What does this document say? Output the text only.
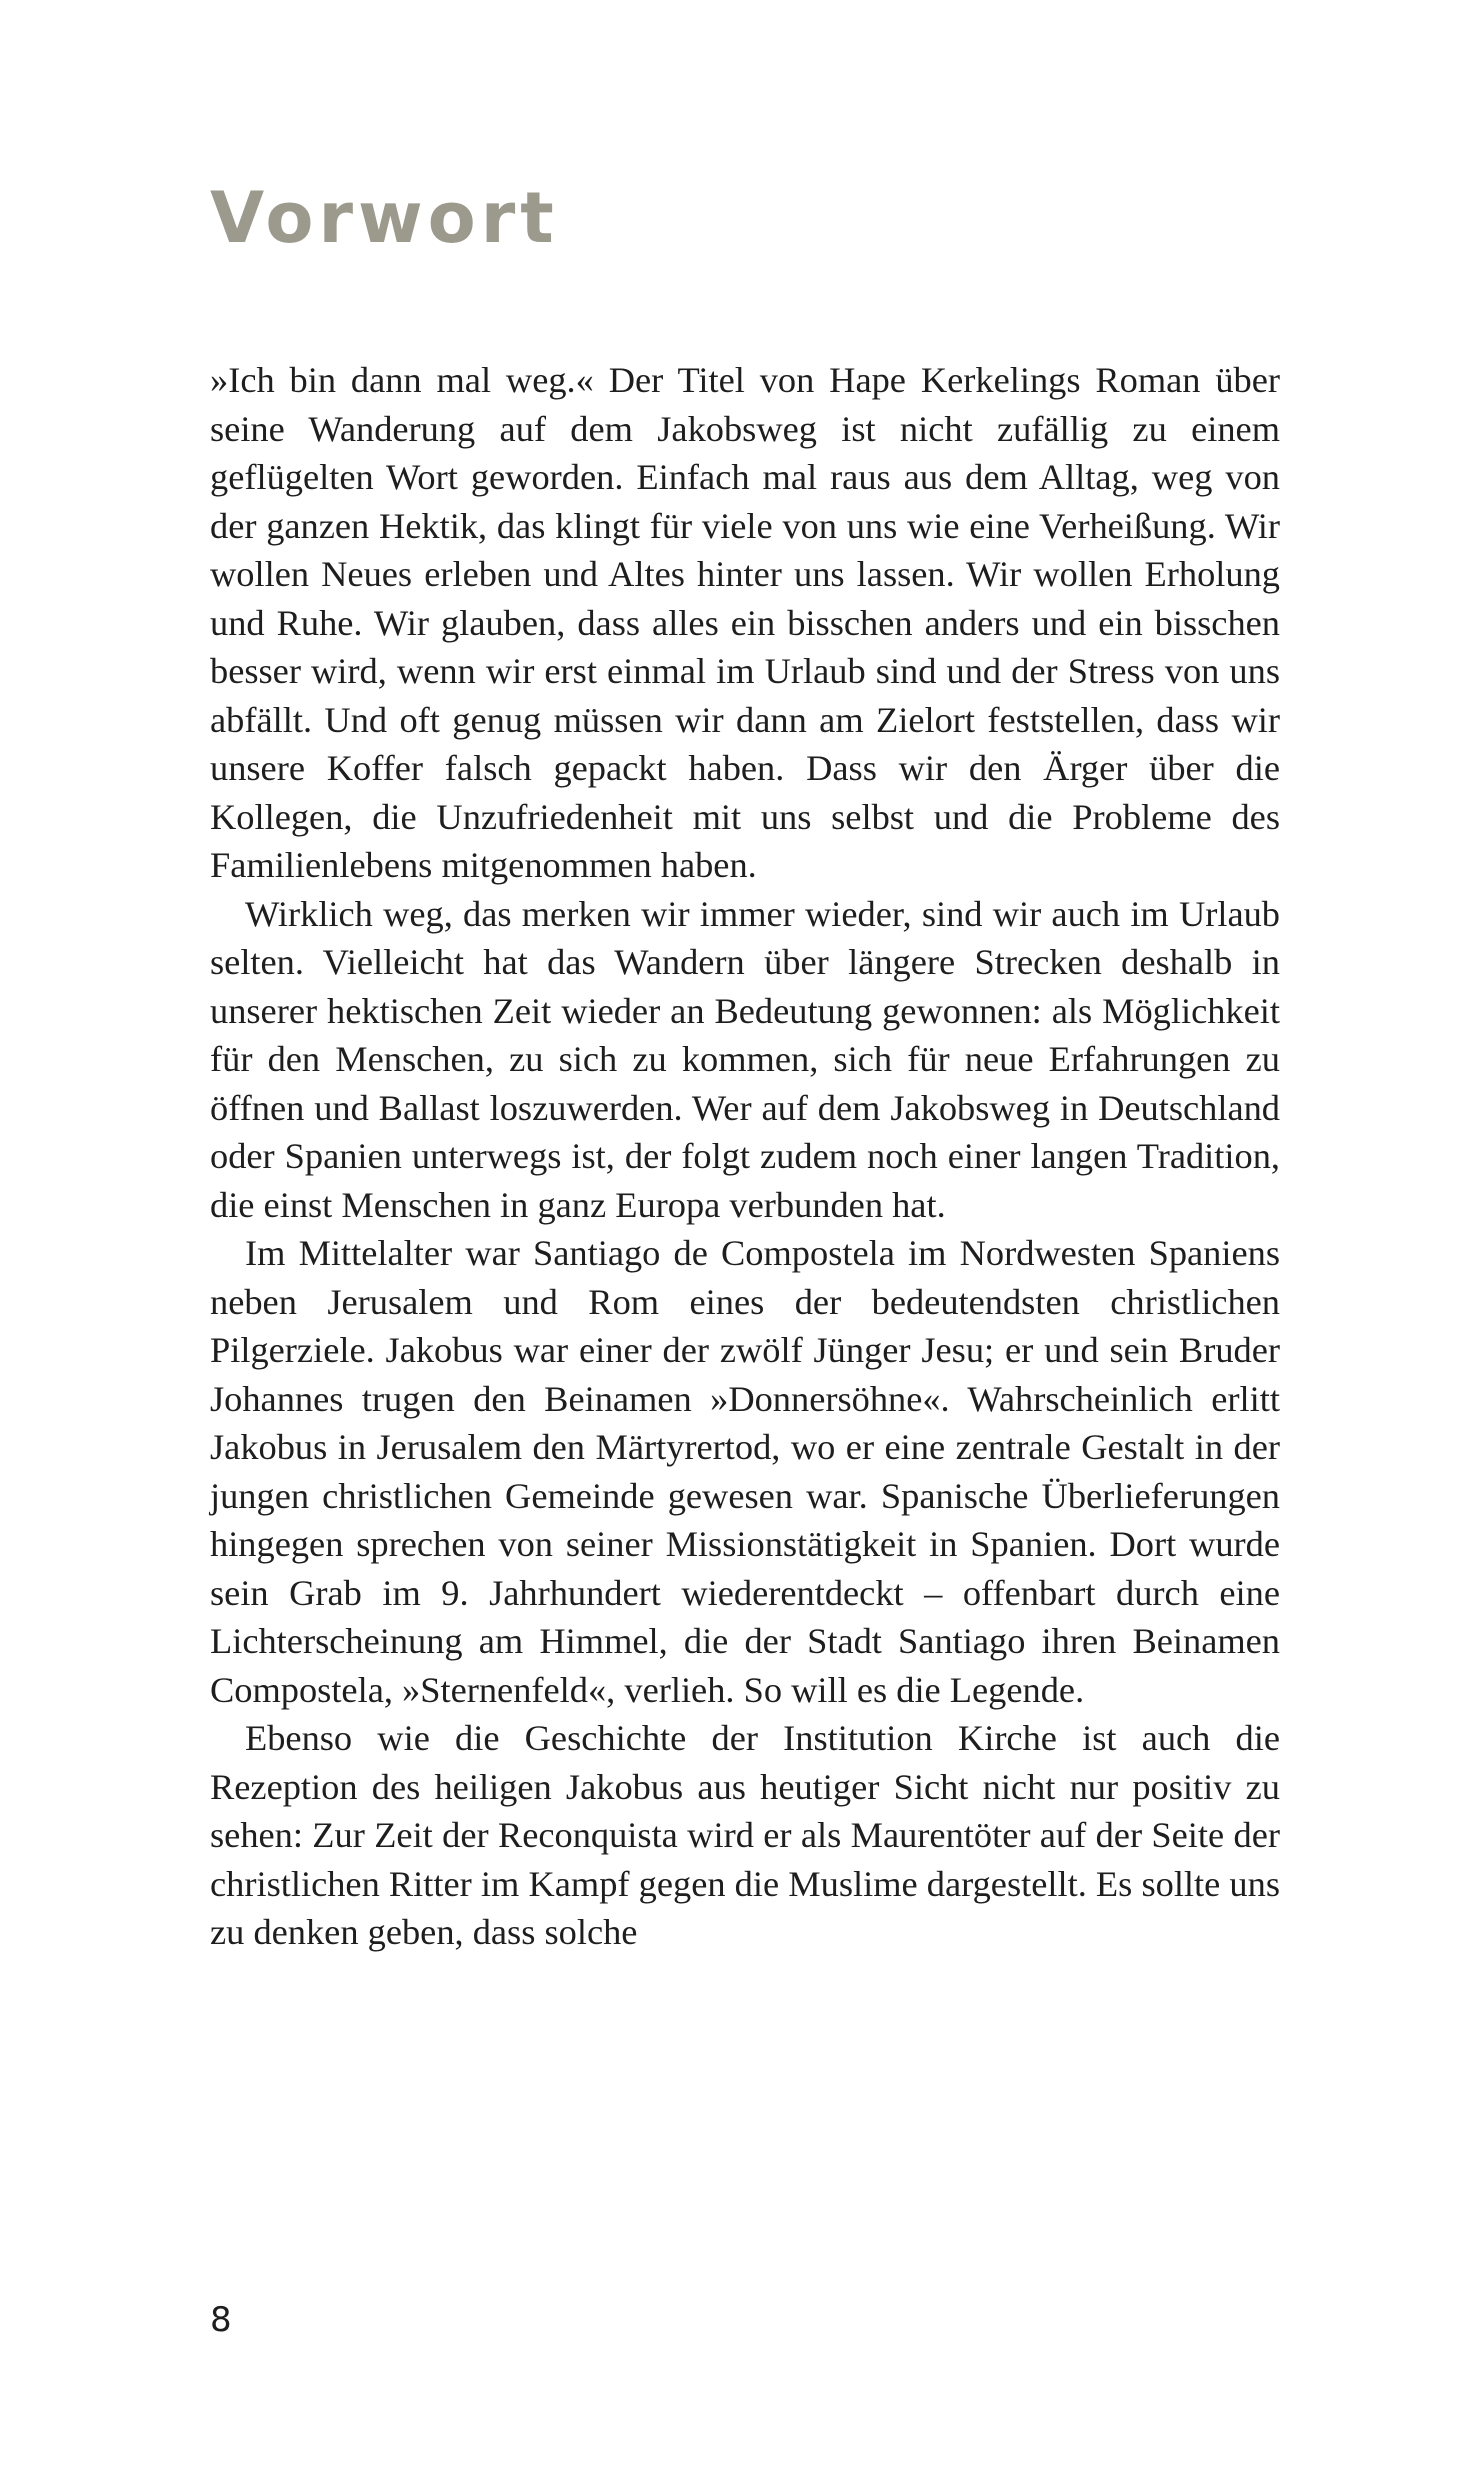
Vorwort

»Ich bin dann mal weg.« Der Titel von Hape Kerkelings Roman über seine Wanderung auf dem Jakobsweg ist nicht zufällig zu einem geflügelten Wort geworden. Einfach mal raus aus dem Alltag, weg von der ganzen Hektik, das klingt für viele von uns wie eine Verheißung. Wir wollen Neues erleben und Altes hinter uns lassen. Wir wollen Erholung und Ruhe. Wir glauben, dass alles ein bisschen anders und ein bisschen besser wird, wenn wir erst einmal im Urlaub sind und der Stress von uns abfällt. Und oft genug müssen wir dann am Zielort feststellen, dass wir unsere Koffer falsch gepackt haben. Dass wir den Ärger über die Kollegen, die Unzufriedenheit mit uns selbst und die Probleme des Familienlebens mitgenommen haben.

Wirklich weg, das merken wir immer wieder, sind wir auch im Urlaub selten. Vielleicht hat das Wandern über längere Strecken deshalb in unserer hektischen Zeit wieder an Bedeutung gewonnen: als Möglichkeit für den Menschen, zu sich zu kommen, sich für neue Erfahrungen zu öffnen und Ballast loszuwerden. Wer auf dem Jakobsweg in Deutschland oder Spanien unterwegs ist, der folgt zudem noch einer langen Tradition, die einst Menschen in ganz Europa verbunden hat.

Im Mittelalter war Santiago de Compostela im Nordwesten Spaniens neben Jerusalem und Rom eines der bedeutendsten christlichen Pilgerziele. Jakobus war einer der zwölf Jünger Jesu; er und sein Bruder Johannes trugen den Beinamen »Donnersöhne«. Wahrscheinlich erlitt Jakobus in Jerusalem den Märtyrertod, wo er eine zentrale Gestalt in der jungen christlichen Gemeinde gewesen war. Spanische Überlieferungen hingegen sprechen von seiner Missionstätigkeit in Spanien. Dort wurde sein Grab im 9. Jahrhundert wiederentdeckt – offenbart durch eine Lichterscheinung am Himmel, die der Stadt Santiago ihren Beinamen Compostela, »Sternenfeld«, verlieh. So will es die Legende.

Ebenso wie die Geschichte der Institution Kirche ist auch die Rezeption des heiligen Jakobus aus heutiger Sicht nicht nur positiv zu sehen: Zur Zeit der Reconquista wird er als Maurentöter auf der Seite der christlichen Ritter im Kampf gegen die Muslime dargestellt. Es sollte uns zu denken geben, dass solche

8
